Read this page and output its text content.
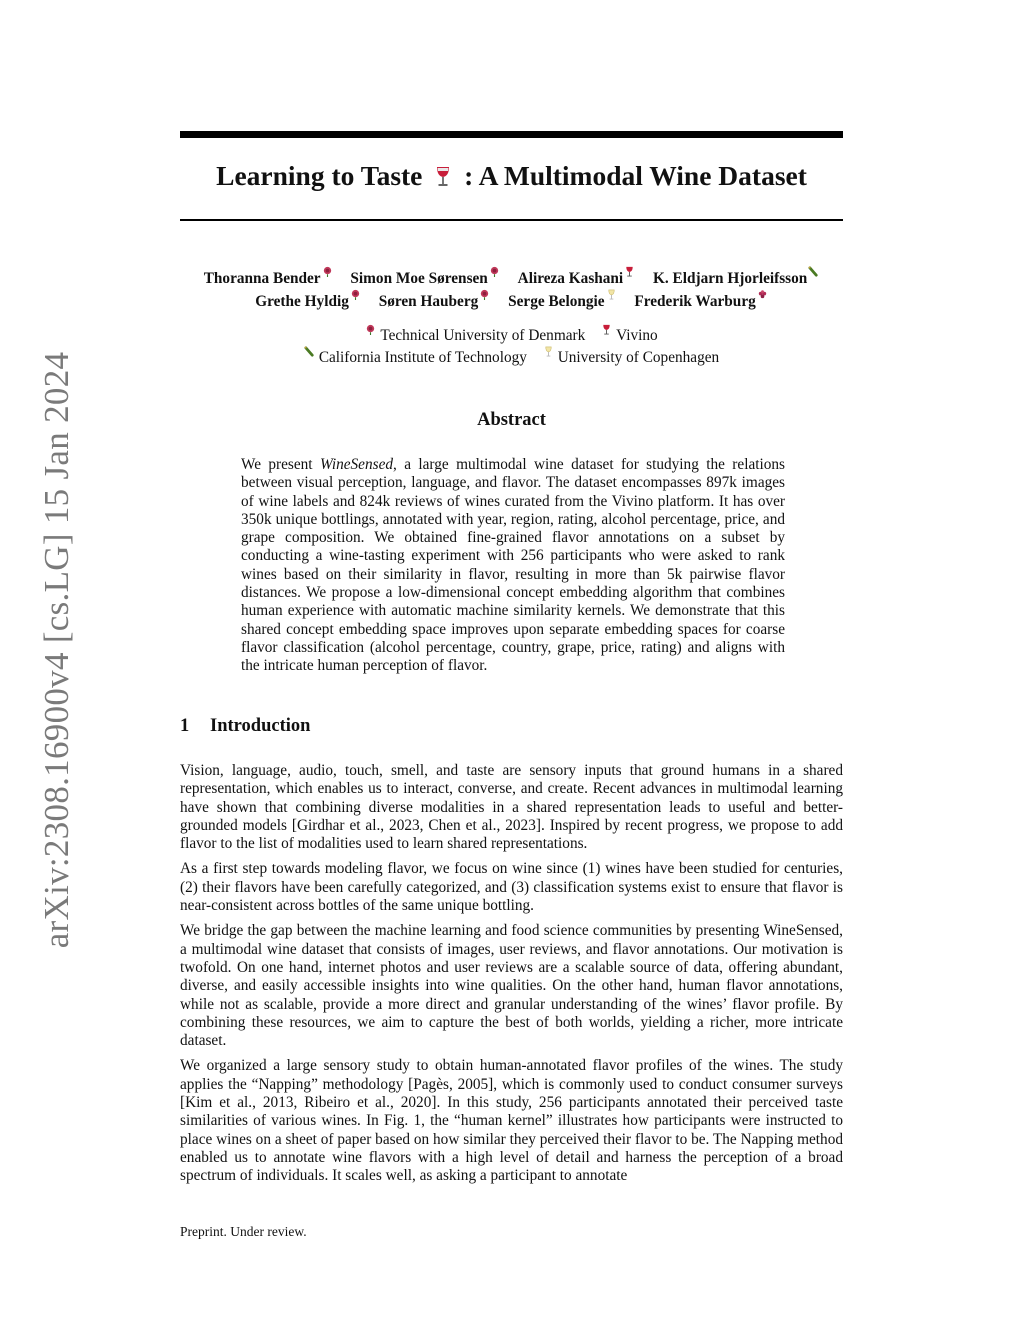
arXiv:2308.16900v4 [cs.LG] 15 Jan 2024
Learning to Taste : A Multimodal Wine Dataset
Thoranna Bender Simon Moe Sørensen Alireza Kashani K. Eldjarn Hjorleifsson
Grethe Hyldig Søren Hauberg Serge Belongie Frederik Warburg
Technical University of Denmark Vivino
California Institute of Technology University of Copenhagen
Abstract

We present WineSensed, a large multimodal wine dataset for studying the relations between visual perception, language, and flavor. The dataset encompasses 897k images of wine labels and 824k reviews of wines curated from the Vivino platform. It has over 350k unique bottlings, annotated with year, region, rating, alcohol percentage, price, and grape composition. We obtained fine-grained flavor annotations on a subset by conducting a wine-tasting experiment with 256 participants who were asked to rank wines based on their similarity in flavor, resulting in more than 5k pairwise flavor distances. We propose a low-dimensional concept embedding algorithm that combines human experience with automatic machine similarity kernels. We demonstrate that this shared concept embedding space improves upon separate embedding spaces for coarse flavor classification (alcohol percentage, country, grape, price, rating) and aligns with the intricate human perception of flavor.

1 Introduction

Vision, language, audio, touch, smell, and taste are sensory inputs that ground humans in a shared representation, which enables us to interact, converse, and create. Recent advances in multimodal learning have shown that combining diverse modalities in a shared representation leads to useful and better-grounded models [Girdhar et al., 2023, Chen et al., 2023]. Inspired by recent progress, we propose to add flavor to the list of modalities used to learn shared representations.

As a first step towards modeling flavor, we focus on wine since (1) wines have been studied for centuries, (2) their flavors have been carefully categorized, and (3) classification systems exist to ensure that flavor is near-consistent across bottles of the same unique bottling.

We bridge the gap between the machine learning and food science communities by presenting WineSensed, a multimodal wine dataset that consists of images, user reviews, and flavor annotations. Our motivation is twofold. On one hand, internet photos and user reviews are a scalable source of data, offering abundant, diverse, and easily accessible insights into wine qualities. On the other hand, human flavor annotations, while not as scalable, provide a more direct and granular understanding of the wines’ flavor profile. By combining these resources, we aim to capture the best of both worlds, yielding a richer, more intricate dataset.

We organized a large sensory study to obtain human-annotated flavor profiles of the wines. The study applies the “Napping” methodology [Pagès, 2005], which is commonly used to conduct consumer surveys [Kim et al., 2013, Ribeiro et al., 2020]. In this study, 256 participants annotated their perceived taste similarities of various wines. In Fig. 1, the “human kernel” illustrates how participants were instructed to place wines on a sheet of paper based on how similar they perceived their flavor to be. The Napping method enabled us to annotate wine flavors with a high level of detail and harness the perception of a broad spectrum of individuals. It scales well, as asking a participant to annotate

Preprint. Under review.
